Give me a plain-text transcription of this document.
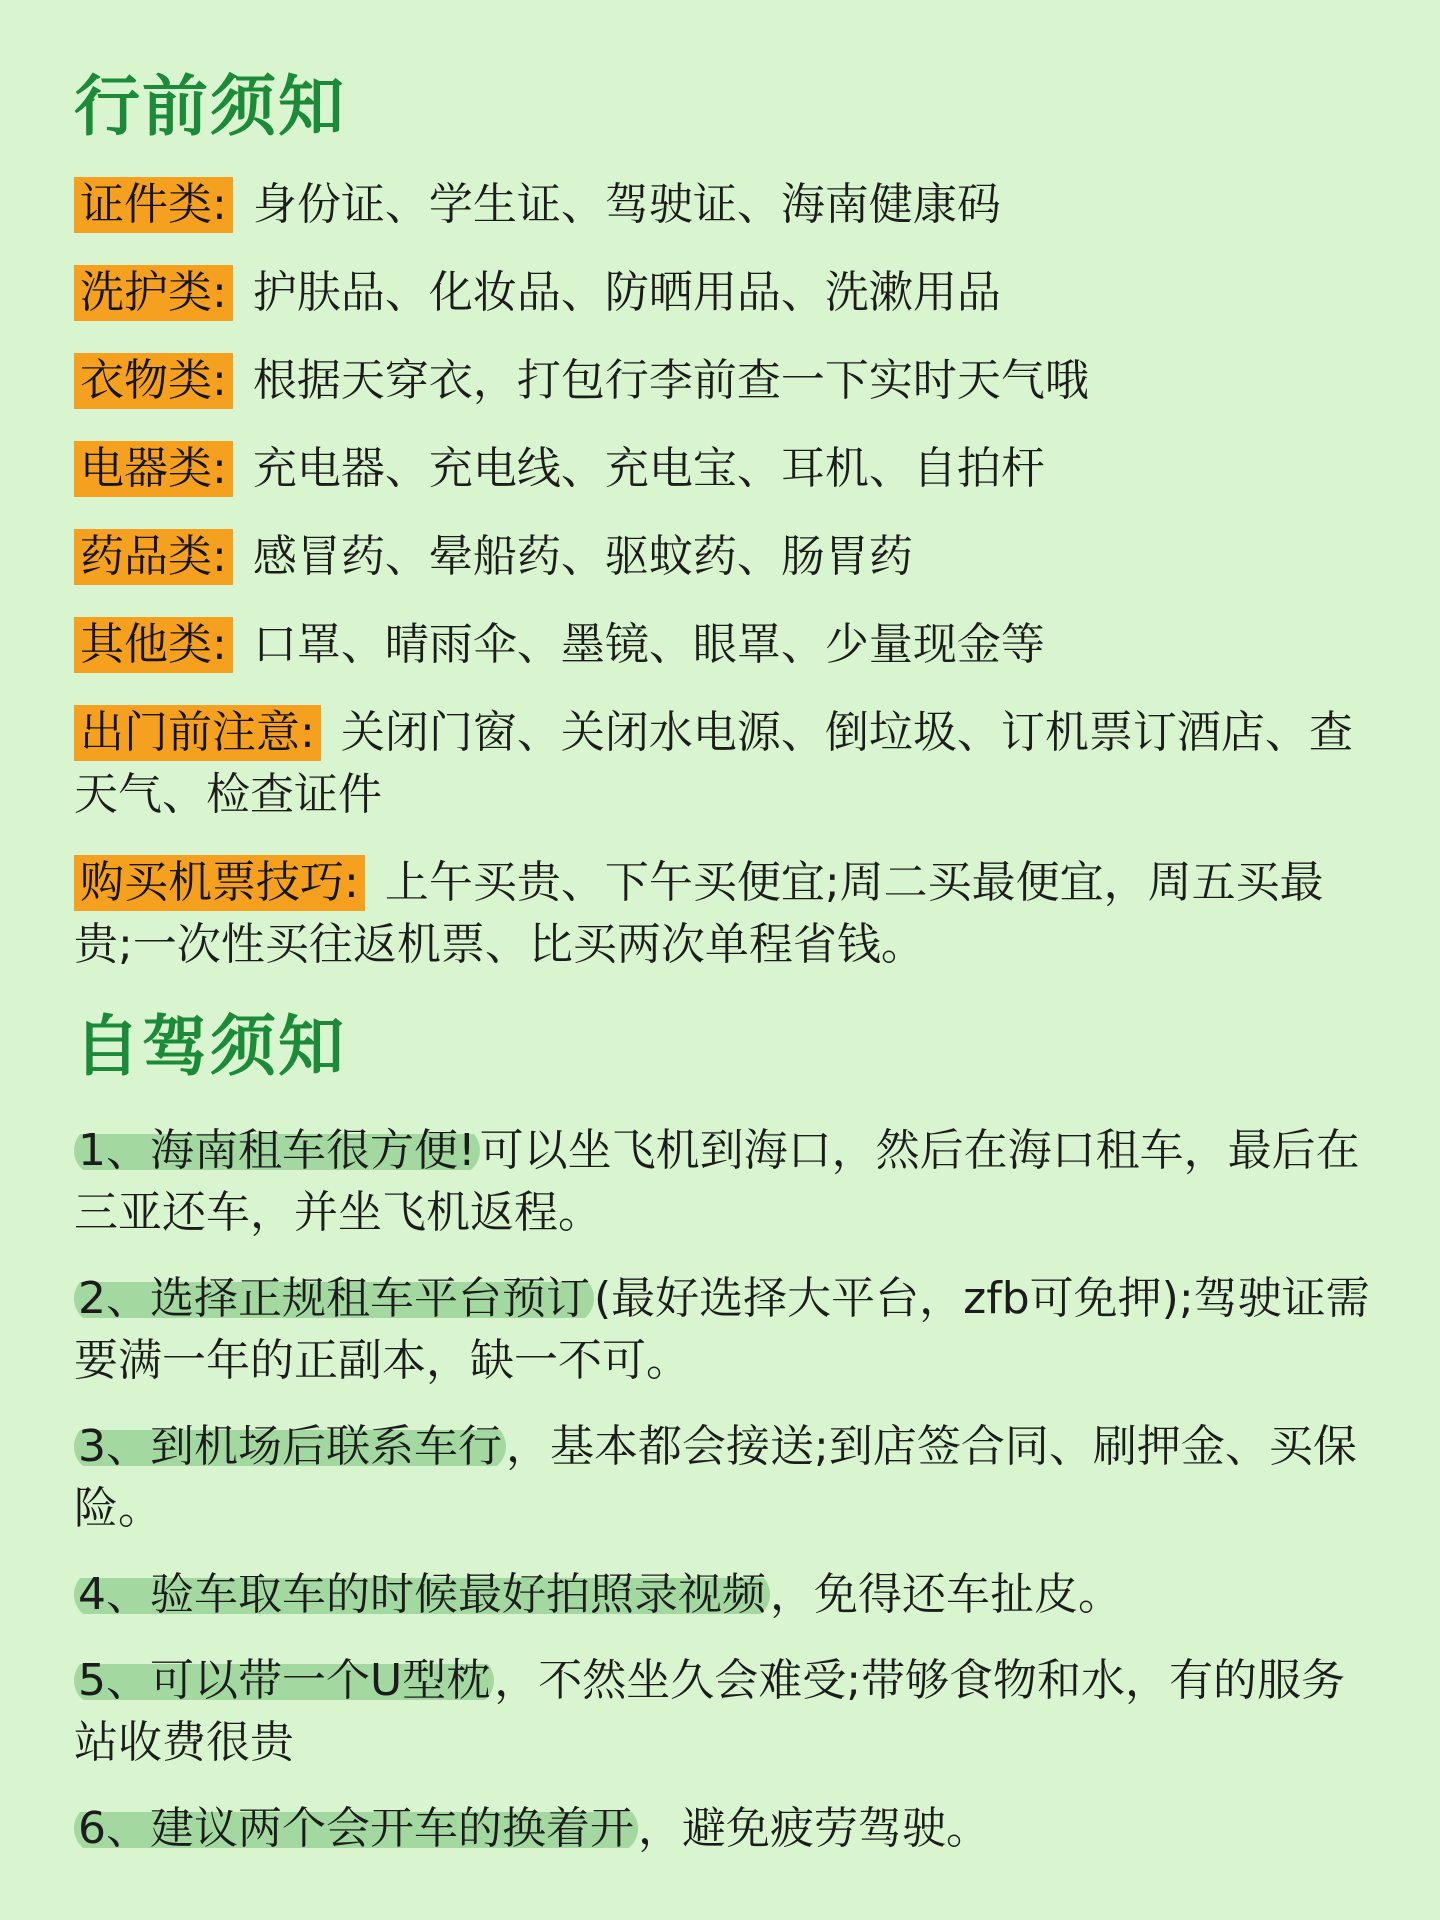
行前须知
证件类: 身份证、学生证、驾驶证、海南健康码
洗护类: 护肤品、化妆品、防晒用品、洗漱用品
衣物类: 根据天穿衣，打包行李前查一下实时天气哦
电器类: 充电器、充电线、充电宝、耳机、自拍杆
药品类: 感冒药、晕船药、驱蚊药、肠胃药
其他类: 口罩、晴雨伞、墨镜、眼罩、少量现金等
出门前注意: 关闭门窗、关闭水电源、倒垃圾、订机票订酒店、查天气、检查证件
购买机票技巧: 上午买贵、下午买便宜;周二买最便宜，周五买最贵;一次性买往返机票、比买两次单程省钱。
自驾须知
1、海南租车很方便!可以坐飞机到海口，然后在海口租车，最后在三亚还车，并坐飞机返程。
2、选择正规租车平台预订(最好选择大平台，zfb可免押);驾驶证需要满一年的正副本，缺一不可。
3、到机场后联系车行，基本都会接送;到店签合同、刷押金、买保险。
4、验车取车的时候最好拍照录视频，免得还车扯皮。
5、可以带一个U型枕，不然坐久会难受;带够食物和水，有的服务站收费很贵
6、建议两个会开车的换着开，避免疲劳驾驶。
